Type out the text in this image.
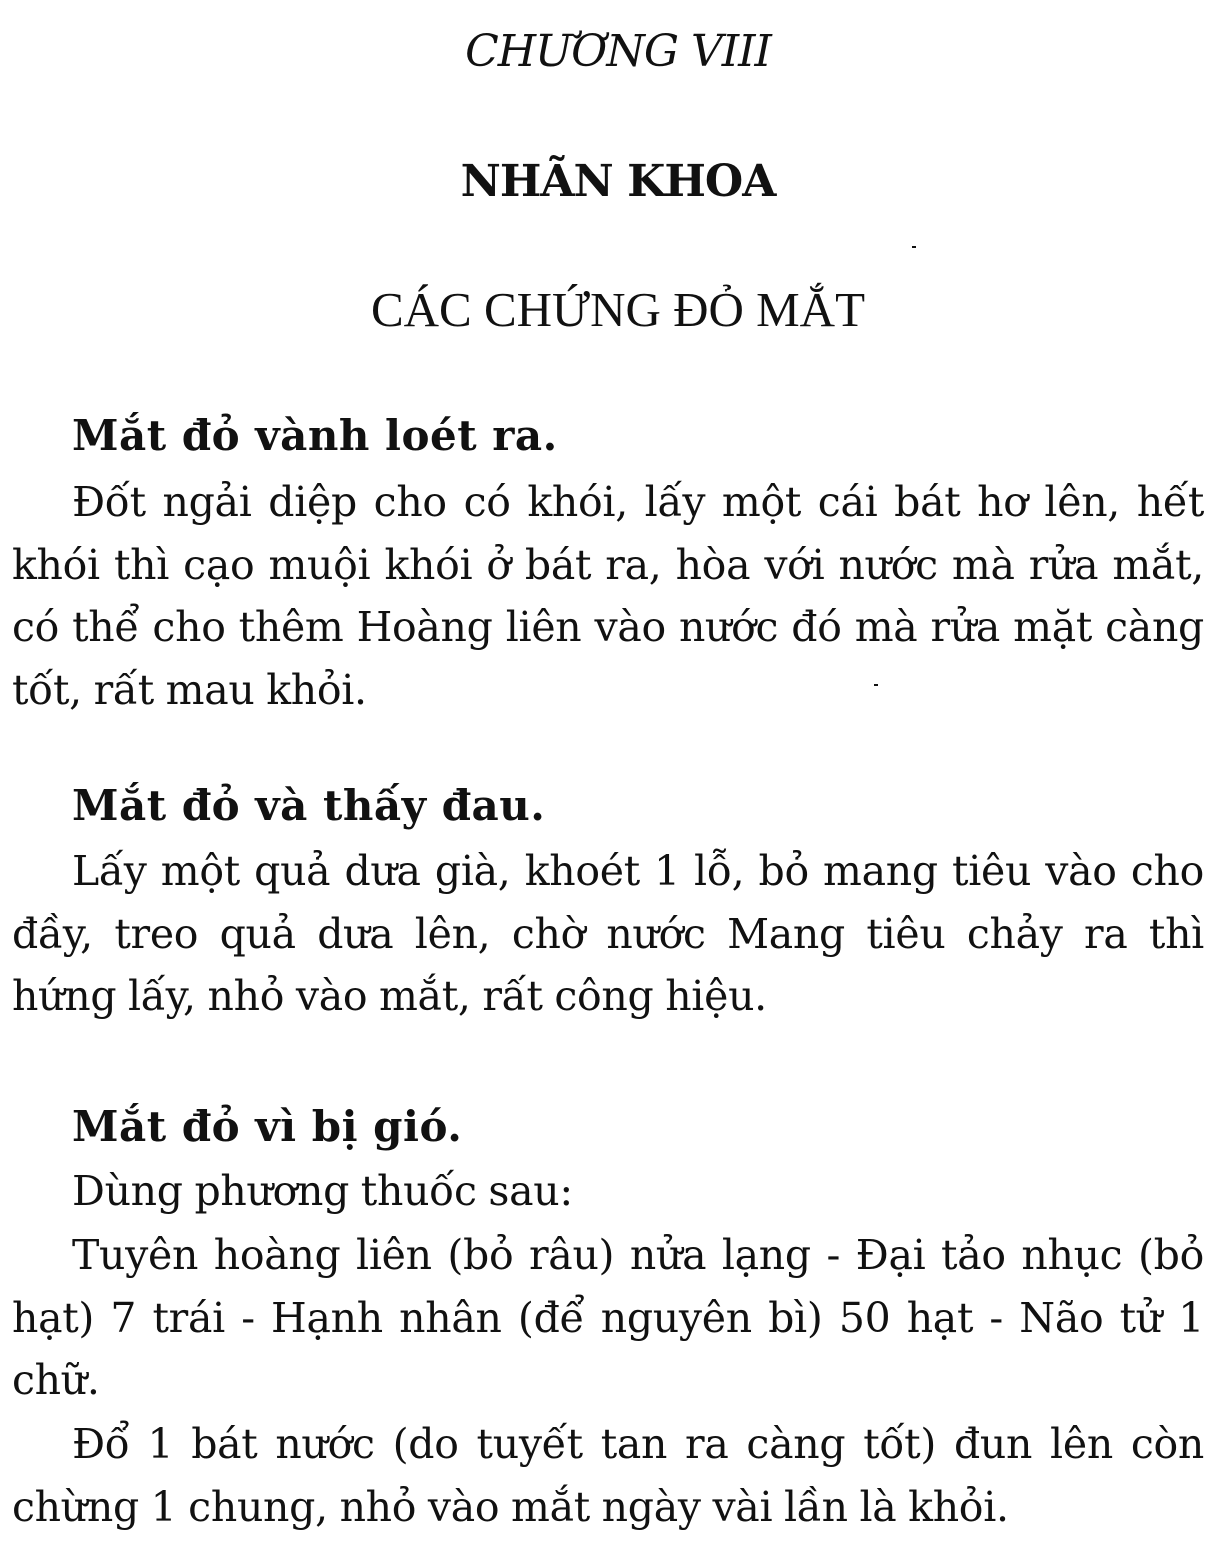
CHƯƠNG VIII
NHÃN KHOA
CÁC CHỨNG ĐỎ MẮT
Mắt đỏ vành loét ra.
Đốt ngải diệp cho có khói, lấy một cái bát hơ lên, hết khói thì cạo muội khói ở bát ra, hòa với nước mà rửa mắt, có thể cho thêm Hoàng liên vào nước đó mà rửa mặt càng tốt, rất mau khỏi.
Mắt đỏ và thấy đau.
Lấy một quả dưa già, khoét 1 lỗ, bỏ mang tiêu vào cho đầy, treo quả dưa lên, chờ nước Mang tiêu chảy ra thì hứng lấy, nhỏ vào mắt, rất công hiệu.
Mắt đỏ vì bị gió.
Dùng phương thuốc sau:
Tuyên hoàng liên (bỏ râu) nửa lạng - Đại tảo nhục (bỏ hạt) 7 trái - Hạnh nhân (để nguyên bì) 50 hạt - Não tử 1 chữ.
Đổ 1 bát nước (do tuyết tan ra càng tốt) đun lên còn chừng 1 chung, nhỏ vào mắt ngày vài lần là khỏi.
